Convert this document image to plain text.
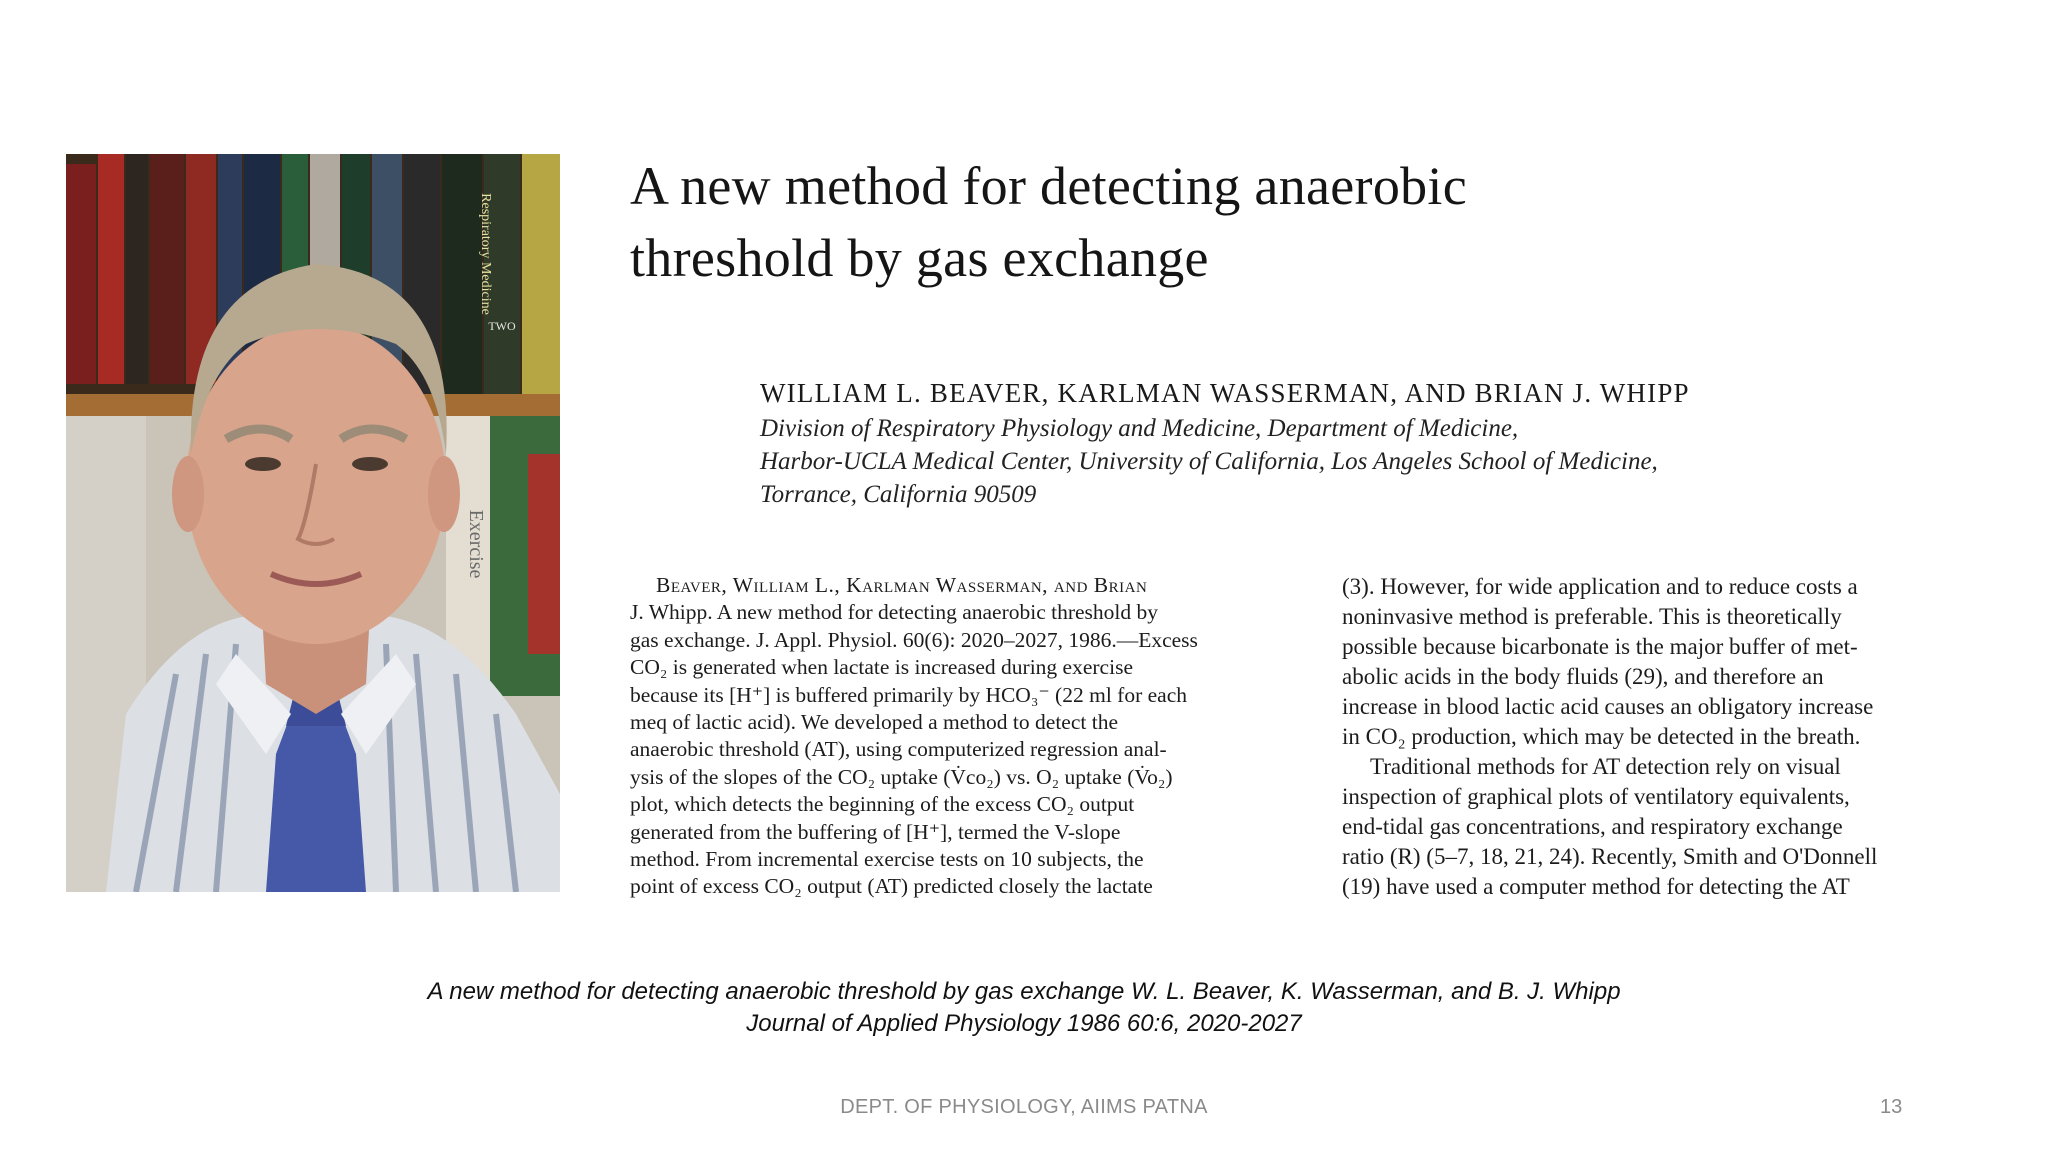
Respiratory Medicine
TWO
Exercise
A new method for detecting anaerobic
threshold by gas exchange
WILLIAM L. BEAVER, KARLMAN WASSERMAN, AND BRIAN J. WHIPP
Division of Respiratory Physiology and Medicine, Department of Medicine,
Harbor-UCLA Medical Center, University of California, Los Angeles School of Medicine,
Torrance, California 90509
Beaver, William L., Karlman Wasserman, and Brian
J. Whipp. A new method for detecting anaerobic threshold by
gas exchange. J. Appl. Physiol. 60(6): 2020–2027, 1986.—Excess
CO₂ is generated when lactate is increased during exercise
because its [H⁺] is buffered primarily by HCO₃⁻ (22 ml for each
meq of lactic acid). We developed a method to detect the
anaerobic threshold (AT), using computerized regression anal-
ysis of the slopes of the CO₂ uptake (V̇co₂) vs. O₂ uptake (V̇o₂)
plot, which detects the beginning of the excess CO₂ output
generated from the buffering of [H⁺], termed the V-slope
method. From incremental exercise tests on 10 subjects, the
point of excess CO₂ output (AT) predicted closely the lactate
(3). However, for wide application and to reduce costs a
noninvasive method is preferable. This is theoretically
possible because bicarbonate is the major buffer of met-
abolic acids in the body fluids (29), and therefore an
increase in blood lactic acid causes an obligatory increase
in CO₂ production, which may be detected in the breath.
Traditional methods for AT detection rely on visual
inspection of graphical plots of ventilatory equivalents,
end-tidal gas concentrations, and respiratory exchange
ratio (R) (5–7, 18, 21, 24). Recently, Smith and O'Donnell
(19) have used a computer method for detecting the AT
A new method for detecting anaerobic threshold by gas exchange W. L. Beaver, K. Wasserman, and B. J. Whipp
Journal of Applied Physiology 1986 60:6, 2020-2027
DEPT. OF PHYSIOLOGY, AIIMS PATNA	13
